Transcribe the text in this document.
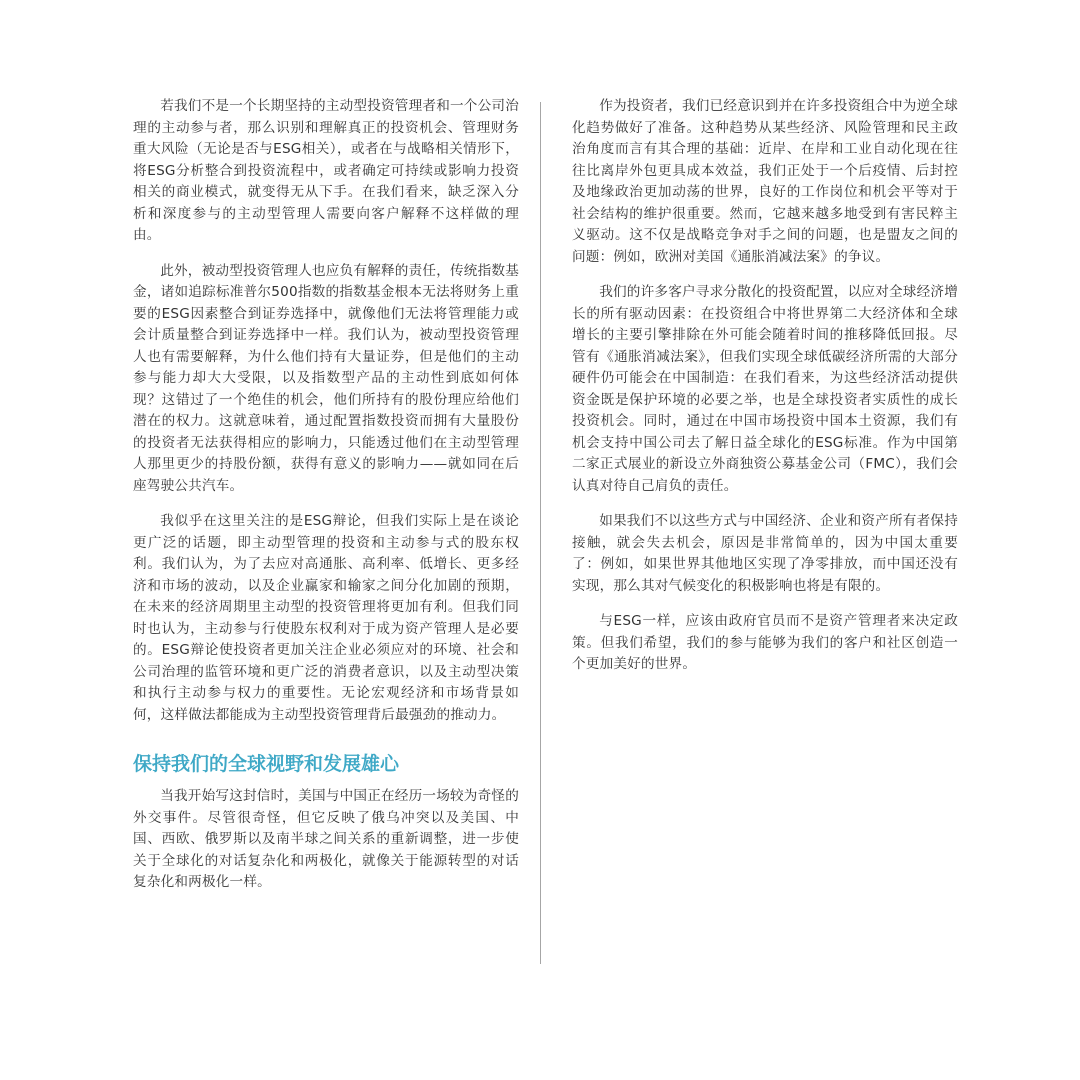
若我们不是一个长期坚持的主动型投资管理者和一个公司治理的主动参与者，那么识别和理解真正的投资机会、管理财务重大风险（无论是否与ESG相关），或者在与战略相关情形下，将ESG分析整合到投资流程中，或者确定可持续或影响力投资相关的商业模式，就变得无从下手。在我们看来，缺乏深入分析和深度参与的主动型管理人需要向客户解释不这样做的理由。

此外，被动型投资管理人也应负有解释的责任，传统指数基金，诸如追踪标准普尔500指数的指数基金根本无法将财务上重要的ESG因素整合到证券选择中，就像他们无法将管理能力或会计质量整合到证券选择中一样。我们认为，被动型投资管理人也有需要解释，为什么他们持有大量证券，但是他们的主动参与能力却大大受限，以及指数型产品的主动性到底如何体现？这错过了一个绝佳的机会，他们所持有的股份理应给他们潜在的权力。这就意味着，通过配置指数投资而拥有大量股份的投资者无法获得相应的影响力，只能透过他们在主动型管理人那里更少的持股份额，获得有意义的影响力——就如同在后座驾驶公共汽车。

我似乎在这里关注的是ESG辩论，但我们实际上是在谈论更广泛的话题，即主动型管理的投资和主动参与式的股东权利。我们认为，为了去应对高通胀、高利率、低增长、更多经济和市场的波动，以及企业赢家和输家之间分化加剧的预期，在未来的经济周期里主动型的投资管理将更加有利。但我们同时也认为，主动参与行使股东权利对于成为资产管理人是必要的。ESG辩论使投资者更加关注企业必须应对的环境、社会和公司治理的监管环境和更广泛的消费者意识，以及主动型决策和执行主动参与权力的重要性。无论宏观经济和市场背景如何，这样做法都能成为主动型投资管理背后最强劲的推动力。

保持我们的全球视野和发展雄心

当我开始写这封信时，美国与中国正在经历一场较为奇怪的外交事件。尽管很奇怪，但它反映了俄乌冲突以及美国、中国、西欧、俄罗斯以及南半球之间关系的重新调整，进一步使关于全球化的对话复杂化和两极化，就像关于能源转型的对话复杂化和两极化一样。

作为投资者，我们已经意识到并在许多投资组合中为逆全球化趋势做好了准备。这种趋势从某些经济、风险管理和民主政治角度而言有其合理的基础：近岸、在岸和工业自动化现在往往比离岸外包更具成本效益，我们正处于一个后疫情、后封控及地缘政治更加动荡的世界，良好的工作岗位和机会平等对于社会结构的维护很重要。然而，它越来越多地受到有害民粹主义驱动。这不仅是战略竞争对手之间的问题，也是盟友之间的问题：例如，欧洲对美国《通胀消减法案》的争议。

我们的许多客户寻求分散化的投资配置，以应对全球经济增长的所有驱动因素：在投资组合中将世界第二大经济体和全球增长的主要引擎排除在外可能会随着时间的推移降低回报。尽管有《通胀消减法案》，但我们实现全球低碳经济所需的大部分硬件仍可能会在中国制造：在我们看来，为这些经济活动提供资金既是保护环境的必要之举，也是全球投资者实质性的成长投资机会。同时，通过在中国市场投资中国本土资源，我们有机会支持中国公司去了解日益全球化的ESG标准。作为中国第二家正式展业的新设立外商独资公募基金公司（FMC），我们会认真对待自己肩负的责任。

如果我们不以这些方式与中国经济、企业和资产所有者保持接触，就会失去机会，原因是非常简单的，因为中国太重要了：例如，如果世界其他地区实现了净零排放，而中国还没有实现，那么其对气候变化的积极影响也将是有限的。

与ESG一样，应该由政府官员而不是资产管理者来决定政策。但我们希望，我们的参与能够为我们的客户和社区创造一个更加美好的世界。
